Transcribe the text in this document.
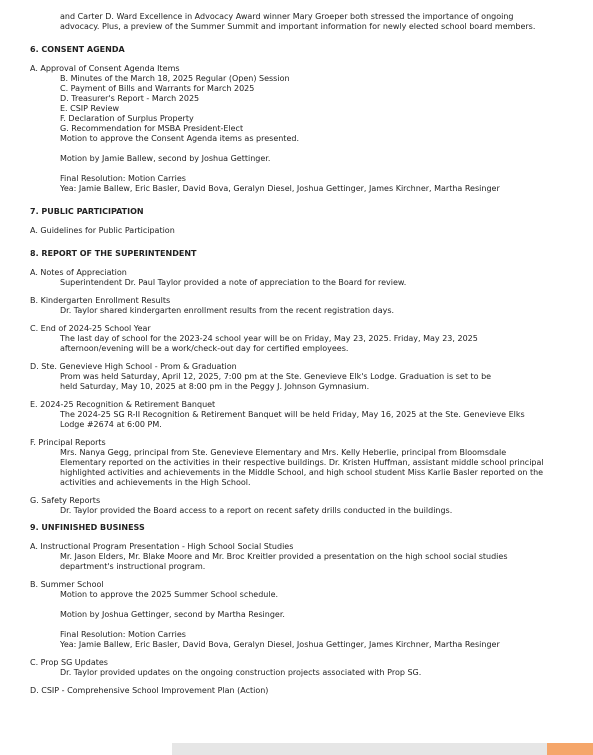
and Carter D. Ward Excellence in Advocacy Award winner Mary Groeper both stressed the importance of ongoing

advocacy. Plus, a preview of the Summer Summit and important information for newly elected school board members.

6. CONSENT AGENDA

A. Approval of Consent Agenda Items

B. Minutes of the March 18, 2025 Regular (Open) Session

C. Payment of Bills and Warrants for March 2025

D. Treasurer's Report - March 2025

E. CSIP Review

F. Declaration of Surplus Property

G. Recommendation for MSBA President-Elect

Motion to approve the Consent Agenda items as presented.

Motion by Jamie Ballew, second by Joshua Gettinger.

Final Resolution: Motion Carries

Yea: Jamie Ballew, Eric Basler, David Bova, Geralyn Diesel, Joshua Gettinger, James Kirchner, Martha Resinger

7. PUBLIC PARTICIPATION

A. Guidelines for Public Participation

8. REPORT OF THE SUPERINTENDENT

A. Notes of Appreciation

Superintendent Dr. Paul Taylor provided a note of appreciation to the Board for review.

B. Kindergarten Enrollment Results

Dr. Taylor shared kindergarten enrollment results from the recent registration days.

C. End of 2024-25 School Year

The last day of school for the 2023-24 school year will be on Friday, May 23, 2025. Friday, May 23, 2025

afternoon/evening will be a work/check-out day for certified employees.

D. Ste. Genevieve High School - Prom & Graduation

Prom was held Saturday, April 12, 2025, 7:00 pm at the Ste. Genevieve Elk's Lodge. Graduation is set to be

held Saturday, May 10, 2025 at 8:00 pm in the Peggy J. Johnson Gymnasium.

E. 2024-25 Recognition & Retirement Banquet

The 2024-25 SG R-II Recognition & Retirement Banquet will be held Friday, May 16, 2025 at the Ste. Genevieve Elks

Lodge #2674 at 6:00 PM.

F. Principal Reports

Mrs. Nanya Gegg, principal from Ste. Genevieve Elementary and Mrs. Kelly Heberlie, principal from Bloomsdale

Elementary reported on the activities in their respective buildings. Dr. Kristen Huffman, assistant middle school principal

highlighted activities and achievements in the Middle School, and high school student Miss Karlie Basler reported on the

activities and achievements in the High School.

G. Safety Reports

Dr. Taylor provided the Board access to a report on recent safety drills conducted in the buildings.

9. UNFINISHED BUSINESS

A. Instructional Program Presentation - High School Social Studies

Mr. Jason Elders, Mr. Blake Moore and Mr. Broc Kreitler provided a presentation on the high school social studies

department's instructional program.

B. Summer School

Motion to approve the 2025 Summer School schedule.

Motion by Joshua Gettinger, second by Martha Resinger.

Final Resolution: Motion Carries

Yea: Jamie Ballew, Eric Basler, David Bova, Geralyn Diesel, Joshua Gettinger, James Kirchner, Martha Resinger

C. Prop SG Updates

Dr. Taylor provided updates on the ongoing construction projects associated with Prop SG.

D. CSIP - Comprehensive School Improvement Plan (Action)
